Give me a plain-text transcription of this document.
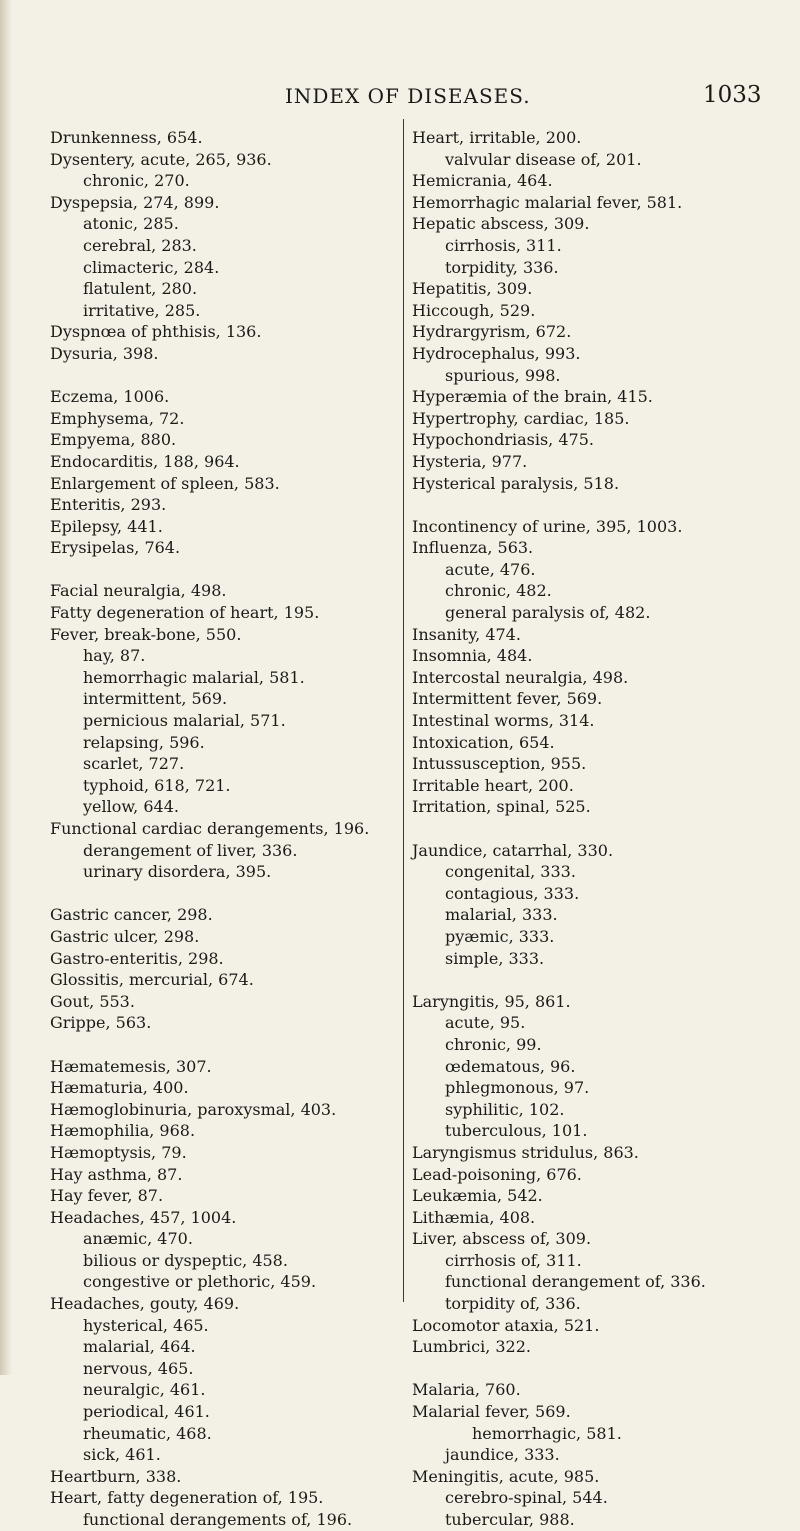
INDEX OF DISEASES.	1033
Drunkenness, 654.
Dysentery, acute, 265, 936.
chronic, 270.
Dyspepsia, 274, 899.
atonic, 285.
cerebral, 283.
climacteric, 284.
flatulent, 280.
irritative, 285.
Dyspnœa of phthisis, 136.
Dysuria, 398.
Eczema, 1006.
Emphysema, 72.
Empyema, 880.
Endocarditis, 188, 964.
Enlargement of spleen, 583.
Enteritis, 293.
Epilepsy, 441.
Erysipelas, 764.
Facial neuralgia, 498.
Fatty degeneration of heart, 195.
Fever, break-bone, 550.
hay, 87.
hemorrhagic malarial, 581.
intermittent, 569.
pernicious malarial, 571.
relapsing, 596.
scarlet, 727.
typhoid, 618, 721.
yellow, 644.
Functional cardiac derangements, 196.
derangement of liver, 336.
urinary disordera, 395.
Gastric cancer, 298.
Gastric ulcer, 298.
Gastro-enteritis, 298.
Glossitis, mercurial, 674.
Gout, 553.
Grippe, 563.
Hæmatemesis, 307.
Hæmaturia, 400.
Hæmoglobinuria, paroxysmal, 403.
Hæmophilia, 968.
Hæmoptysis, 79.
Hay asthma, 87.
Hay fever, 87.
Headaches, 457, 1004.
anæmic, 470.
bilious or dyspeptic, 458.
congestive or plethoric, 459.
Headaches, gouty, 469.
hysterical, 465.
malarial, 464.
nervous, 465.
neuralgic, 461.
periodical, 461.
rheumatic, 468.
sick, 461.
Heartburn, 338.
Heart, fatty degeneration of, 195.
functional derangements of, 196.
Heart, irritable, 200.
valvular disease of, 201.
Hemicrania, 464.
Hemorrhagic malarial fever, 581.
Hepatic abscess, 309.
cirrhosis, 311.
torpidity, 336.
Hepatitis, 309.
Hiccough, 529.
Hydrargyrism, 672.
Hydrocephalus, 993.
spurious, 998.
Hyperæmia of the brain, 415.
Hypertrophy, cardiac, 185.
Hypochondriasis, 475.
Hysteria, 977.
Hysterical paralysis, 518.
Incontinency of urine, 395, 1003.
Influenza, 563.
acute, 476.
chronic, 482.
general paralysis of, 482.
Insanity, 474.
Insomnia, 484.
Intercostal neuralgia, 498.
Intermittent fever, 569.
Intestinal worms, 314.
Intoxication, 654.
Intussusception, 955.
Irritable heart, 200.
Irritation, spinal, 525.
Jaundice, catarrhal, 330.
congenital, 333.
contagious, 333.
malarial, 333.
pyæmic, 333.
simple, 333.
Laryngitis, 95, 861.
acute, 95.
chronic, 99.
œdematous, 96.
phlegmonous, 97.
syphilitic, 102.
tuberculous, 101.
Laryngismus stridulus, 863.
Lead-poisoning, 676.
Leukæmia, 542.
Lithæmia, 408.
Liver, abscess of, 309.
cirrhosis of, 311.
functional derangement of, 336.
torpidity of, 336.
Locomotor ataxia, 521.
Lumbrici, 322.
Malaria, 760.
Malarial fever, 569.
hemorrhagic, 581.
jaundice, 333.
Meningitis, acute, 985.
cerebro-spinal, 544.
tubercular, 988.
